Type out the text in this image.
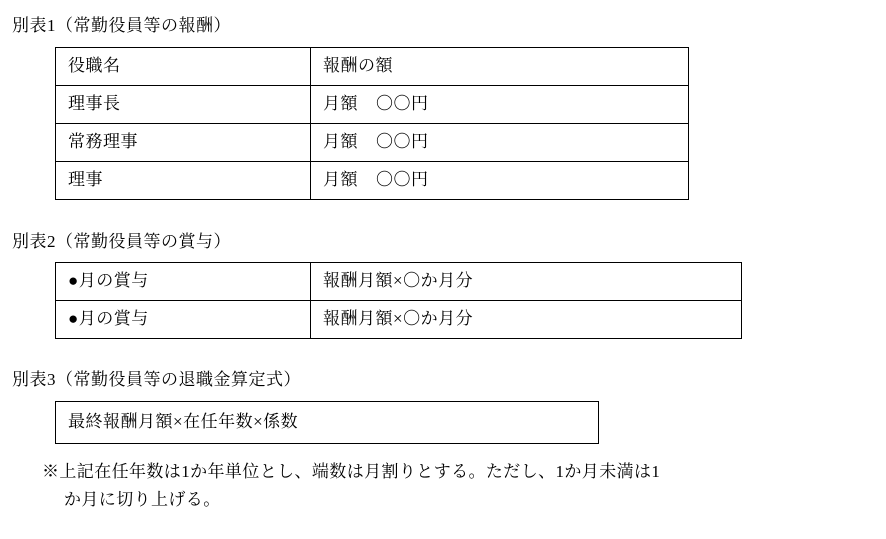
別表1（常勤役員等の報酬）
役職名	報酬の額
理事長	月額 〇〇円
常務理事	月額 〇〇円
理事	月額 〇〇円
別表2（常勤役員等の賞与）
●月の賞与	報酬月額×〇か月分
●月の賞与	報酬月額×〇か月分
別表3（常勤役員等の退職金算定式）
最終報酬月額×在任年数×係数
※上記在任年数は1か年単位とし、端数は月割りとする。ただし、1か月未満は1
か月に切り上げる。
